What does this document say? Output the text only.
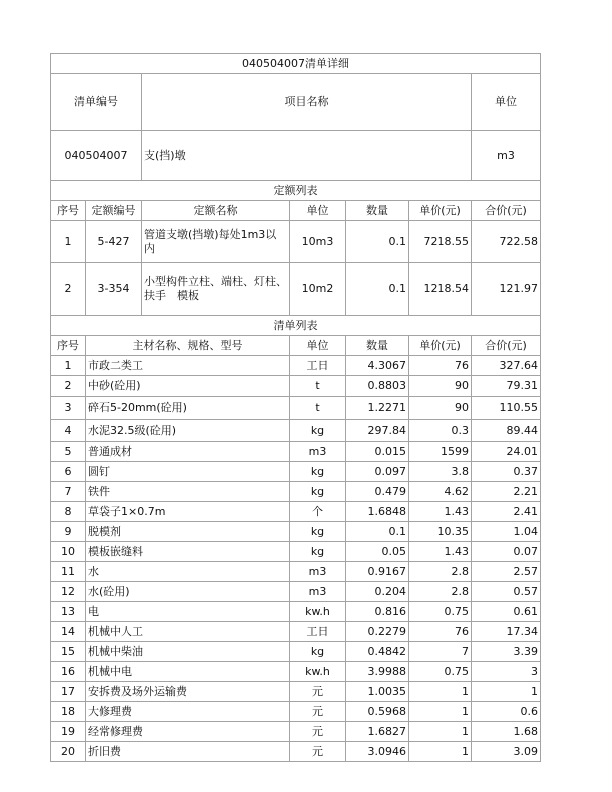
040504007清单详细							
清单编号		项目名称				单位	
040504007		支(挡)墩				m3	
定额列表							
序号	定额编号	定额名称	单位	数量	单价(元)	合价(元)	
1	5-427	管道支墩(挡墩)每处1m3以内	10m3	0.1	7218.55	722.58	
2	3-354	小型构件立柱、端柱、灯柱、扶手　模板	10m2	0.1	1218.54	121.97	
清单列表							
序号	主材名称、规格、型号		单位	数量	单价(元)	合价(元)	
1	市政二类工		工日	4.3067	76	327.64	
2	中砂(砼用)		t	0.8803	90	79.31	
3	碎石5-20mm(砼用)		t	1.2271	90	110.55	
4	水泥32.5级(砼用)		kg	297.84	0.3	89.44	
5	普通成材		m3	0.015	1599	24.01	
6	圆钉		kg	0.097	3.8	0.37	
7	铁件		kg	0.479	4.62	2.21	
8	草袋子1×0.7m		个	1.6848	1.43	2.41	
9	脱模剂		kg	0.1	10.35	1.04	
10	模板嵌缝料		kg	0.05	1.43	0.07	
11	水		m3	0.9167	2.8	2.57	
12	水(砼用)		m3	0.204	2.8	0.57	
13	电		kw.h	0.816	0.75	0.61	
14	机械中人工		工日	0.2279	76	17.34	
15	机械中柴油		kg	0.4842	7	3.39	
16	机械中电		kw.h	3.9988	0.75	3	
17	安拆费及场外运输费		元	1.0035	1	1	
18	大修理费		元	0.5968	1	0.6	
19	经常修理费		元	1.6827	1	1.68	
20	折旧费		元	3.0946	1	3.09	
